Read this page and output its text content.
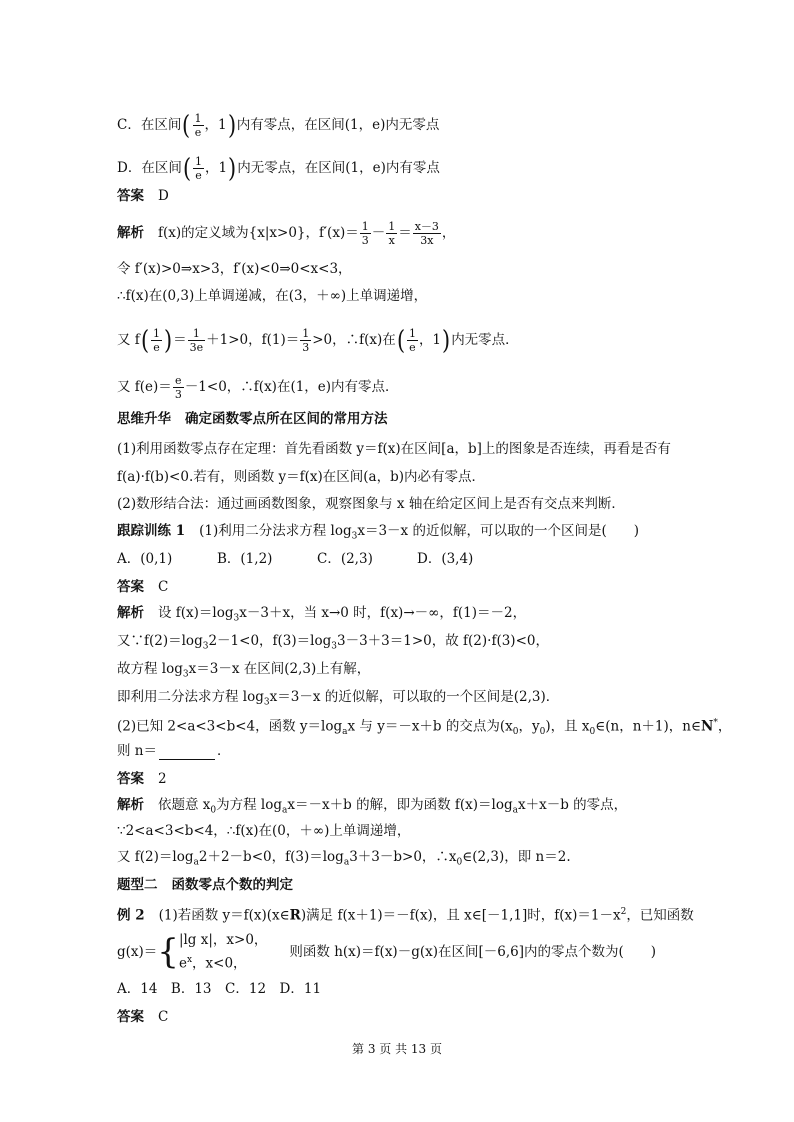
C．在区间( $\frac{1}{e}$ ，1)内有零点，在区间(1，e)内无零点
D．在区间( $\frac{1}{e}$ ，1)内无零点，在区间(1，e)内有零点
答案 D
解析 f(x)的定义域为{x|x>0}，$f'(x)= \frac{1}{3} - \frac{1}{x} = \frac{x-3}{3x}$ ，
令 f′(x)>0⇒x>3，f′(x)<0⇒0<x<3，
∴f(x)在(0,3)上单调递减，在(3，＋∞)上单调递增，
又 $f( \frac{1}{e}$ )＝ $\frac{1}{3e} +1>0$，$f(1)= \frac{1}{3} >0$，∴f(x)在( $\frac{1}{e}$ ，1)内无零点．
又 $f(e)= \frac{e}{3} -1<0$，∴f(x)在(1，e)内有零点．
思维升华 确定函数零点所在区间的常用方法
(1)利用函数零点存在定理：首先看函数 y＝f(x)在区间[a，b]上的图象是否连续，再看是否有
f(a)·f(b)<0.若有，则函数 y＝f(x)在区间(a，b)内必有零点．
(2)数形结合法：通过画函数图象，观察图象与 x 轴在给定区间上是否有交点来判断．
跟踪训练 1 (1)利用二分法求方程 $\log_3x=3-x$ 的近似解，可以取的一个区间是(　　)
A．(0,1)	B．(1,2)	C．(2,3)	D．(3,4)
答案 C
解析 设 $f(x)=\log_3x-3+x$，当 x→0 时，f(x)→－∞，f(1)＝－2，
又$\because f(2)=\log_32-1<0$，$f(3)=\log_33-3+3=1>0$，故 f(2)·f(3)<0，
故方程 $\log_3x=3-x$ 在区间(2,3)上有解，
即利用二分法求方程 $\log_3x=3-x$ 的近似解，可以取的一个区间是(2,3)．
(2)已知 2<a<3<b<4，函数 $y=\log_ax$ 与 y＝－x＋b 的交点为($x_0$，$y_0$)，且 $x_0\in(n$，n＋1)，n∈N*，
则 n＝	．
答案 2
解析 依题意 $x_0$为方程 $\log_ax=-x+b$ 的解，即为函数 $f(x)=\log_ax+x-b$ 的零点，
∵2<a<3<b<4，∴f(x)在(0，＋∞)上单调递增，
又 $f(2)=\log_a2+2-b<0$，$f(3)=\log_a3+3-b>0$，$\therefore x_0\in(2,3)$，即 n＝2.
题型二 函数零点个数的判定
例 2 (1)若函数 y＝f(x)(x∈R)满足 f(x＋1)＝－f(x)，且 x∈[－1,1]时，$f(x)=1-x^2$，已知函数
g(x)＝{ |lg x|，x>0，
$e^x$，x<0，
则函数 h(x)＝f(x)－g(x)在区间[－6,6]内的零点个数为(　　)
A．14　B．13　C．12　D．11
答案 C
第 3 页 共 13 页
